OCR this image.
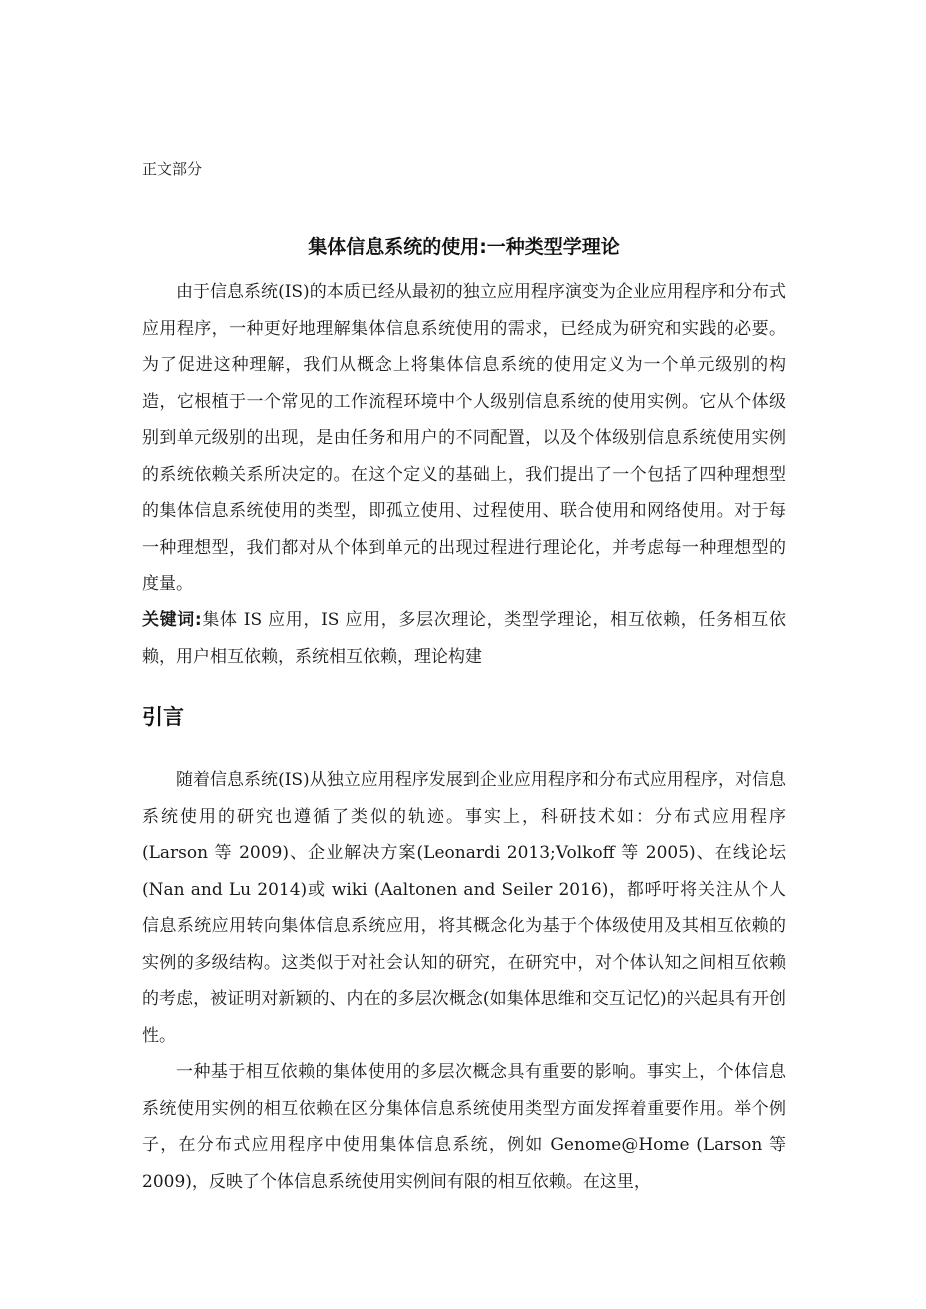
正文部分
集体信息系统的使用:一种类型学理论

由于信息系统(IS)的本质已经从最初的独立应用程序演变为企业应用程序和分布式应用程序，一种更好地理解集体信息系统使用的需求，已经成为研究和实践的必要。为了促进这种理解，我们从概念上将集体信息系统的使用定义为一个单元级别的构造，它根植于一个常见的工作流程环境中个人级别信息系统的使用实例。它从个体级别到单元级别的出现，是由任务和用户的不同配置，以及个体级别信息系统使用实例的系统依赖关系所决定的。在这个定义的基础上，我们提出了一个包括了四种理想型的集体信息系统使用的类型，即孤立使用、过程使用、联合使用和网络使用。对于每一种理想型，我们都对从个体到单元的出现过程进行理论化，并考虑每一种理想型的度量。

关键词:集体 IS 应用，IS 应用，多层次理论，类型学理论，相互依赖，任务相互依赖，用户相互依赖，系统相互依赖，理论构建

引言

随着信息系统(IS)从独立应用程序发展到企业应用程序和分布式应用程序，对信息系统使用的研究也遵循了类似的轨迹。事实上，科研技术如：分布式应用程序(Larson 等 2009)、企业解决方案(Leonardi 2013;Volkoff 等 2005)、在线论坛(Nan and Lu 2014)或 wiki (Aaltonen and Seiler 2016)，都呼吁将关注从个人信息系统应用转向集体信息系统应用，将其概念化为基于个体级使用及其相互依赖的实例的多级结构。这类似于对社会认知的研究，在研究中，对个体认知之间相互依赖的考虑，被证明对新颖的、内在的多层次概念(如集体思维和交互记忆)的兴起具有开创性。

一种基于相互依赖的集体使用的多层次概念具有重要的影响。事实上，个体信息系统使用实例的相互依赖在区分集体信息系统使用类型方面发挥着重要作用。举个例子，在分布式应用程序中使用集体信息系统，例如 Genome@Home (Larson 等 2009)，反映了个体信息系统使用实例间有限的相互依赖。在这里，
